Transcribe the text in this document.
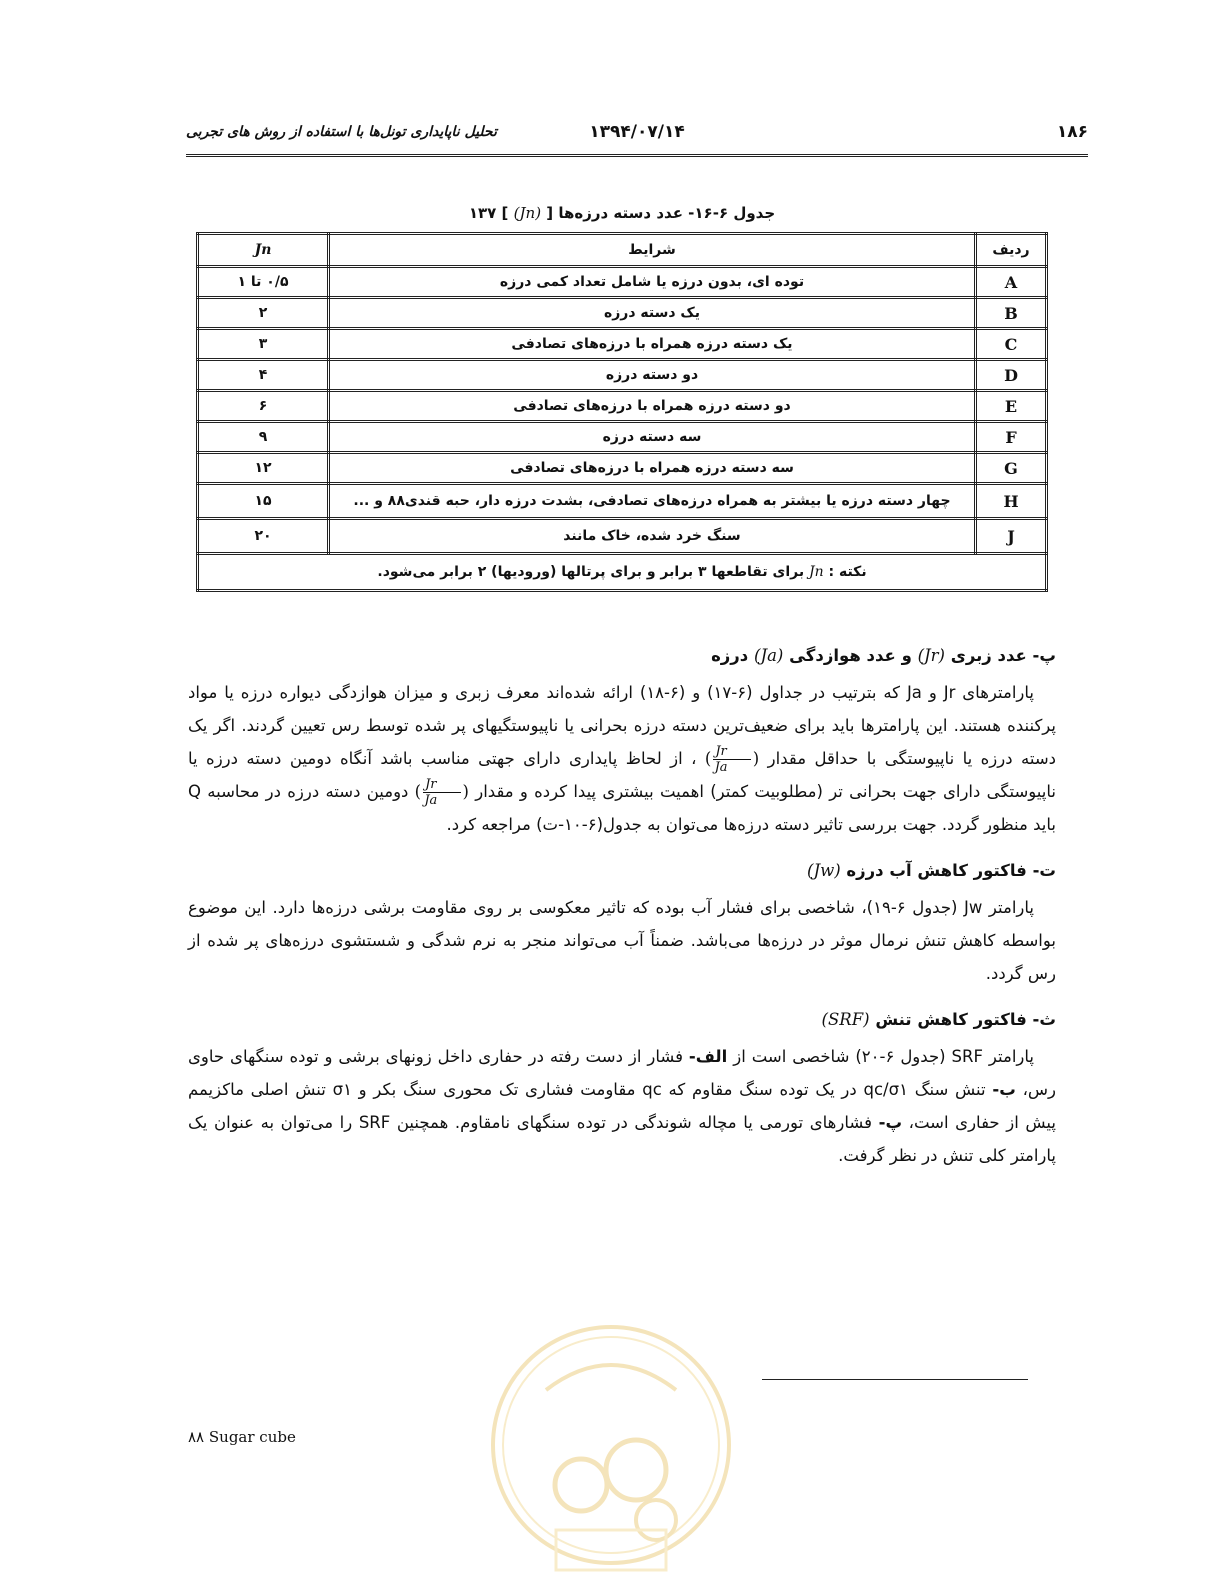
۱۸۶
۱۳۹۴/۰۷/۱۴
تحلیل ناپایداری تونل‌ها با استفاده از روش های تجربی
جدول ۶-۱۶- عدد دسته درزه‌ها [ (Jn) ] ۱۳۷
ردیف	شرایط	Jn
A	توده ای، بدون درزه یا شامل تعداد کمی درزه	۰/۵ تا ۱
B	یک دسته درزه	۲
C	یک دسته درزه همراه با درزه‌های تصادفی	۳
D	دو دسته درزه	۴
E	دو دسته درزه همراه با درزه‌های تصادفی	۶
F	سه دسته درزه	۹
G	سه دسته درزه همراه با درزه‌های تصادفی	۱۲
H	چهار دسته درزه یا بیشتر به همراه درزه‌های تصادفی، بشدت درزه دار، حبه قندی۸۸ و ...	۱۵
J	سنگ خرد شده، خاک مانند	۲۰
نکته : Jn برای تقاطعها ۳ برابر و برای پرتالها (ورودیها) ۲ برابر می‌شود.		
پ- عدد زبری (Jr) و عدد هوازدگی (Ja) درزه

پارامترهای Jr و Ja که بترتیب در جداول (۶-۱۷) و (۶-۱۸) ارائه شده‌اند معرف زبری و میزان هوازدگی دیواره درزه یا مواد پرکننده هستند. این پارامترها باید برای ضعیف‌ترین دسته درزه بحرانی یا ناپیوستگیهای پر شده توسط رس تعیین گردند. اگر یک دسته درزه یا ناپیوستگی با حداقل مقدار (
$\frac{Jr}{Ja}$
) ، از لحاظ پایداری دارای جهتی مناسب باشد آنگاه دومین دسته درزه یا ناپیوستگی دارای جهت بحرانی تر (مطلوبیت کمتر) اهمیت بیشتری پیدا کرده و مقدار (
$\frac{Jr}{Ja}$
) دومین دسته درزه در محاسبه Q باید منظور گردد. جهت بررسی تاثیر دسته درزه‌ها می‌توان به جدول(۶-۱۰-ت) مراجعه کرد.

ت- فاکتور کاهش آب درزه (Jw)

پارامتر Jw (جدول ۶-۱۹)، شاخصی برای فشار آب بوده که تاثیر معکوسی بر روی مقاومت برشی درزه‌ها دارد. این موضوع بواسطه کاهش تنش نرمال موثر در درزه‌ها می‌باشد. ضمناً آب می‌تواند منجر به نرم شدگی و شستشوی درزه‌های پر شده از رس گردد.

ث- فاکتور کاهش تنش (SRF)

پارامتر SRF (جدول ۶-۲۰) شاخصی است از الف- فشار از دست رفته در حفاری داخل زونهای برشی و توده سنگهای حاوی رس، ب- تنش سنگ qc/σ۱ در یک توده سنگ مقاوم که qc مقاومت فشاری تک محوری سنگ بکر و σ۱ تنش اصلی ماکزیمم پیش از حفاری است، پ- فشارهای تورمی یا مچاله شوندگی در توده سنگهای نامقاوم. همچنین SRF را می‌توان به عنوان یک پارامتر کلی تنش در نظر گرفت.

۸۸ Sugar cube
